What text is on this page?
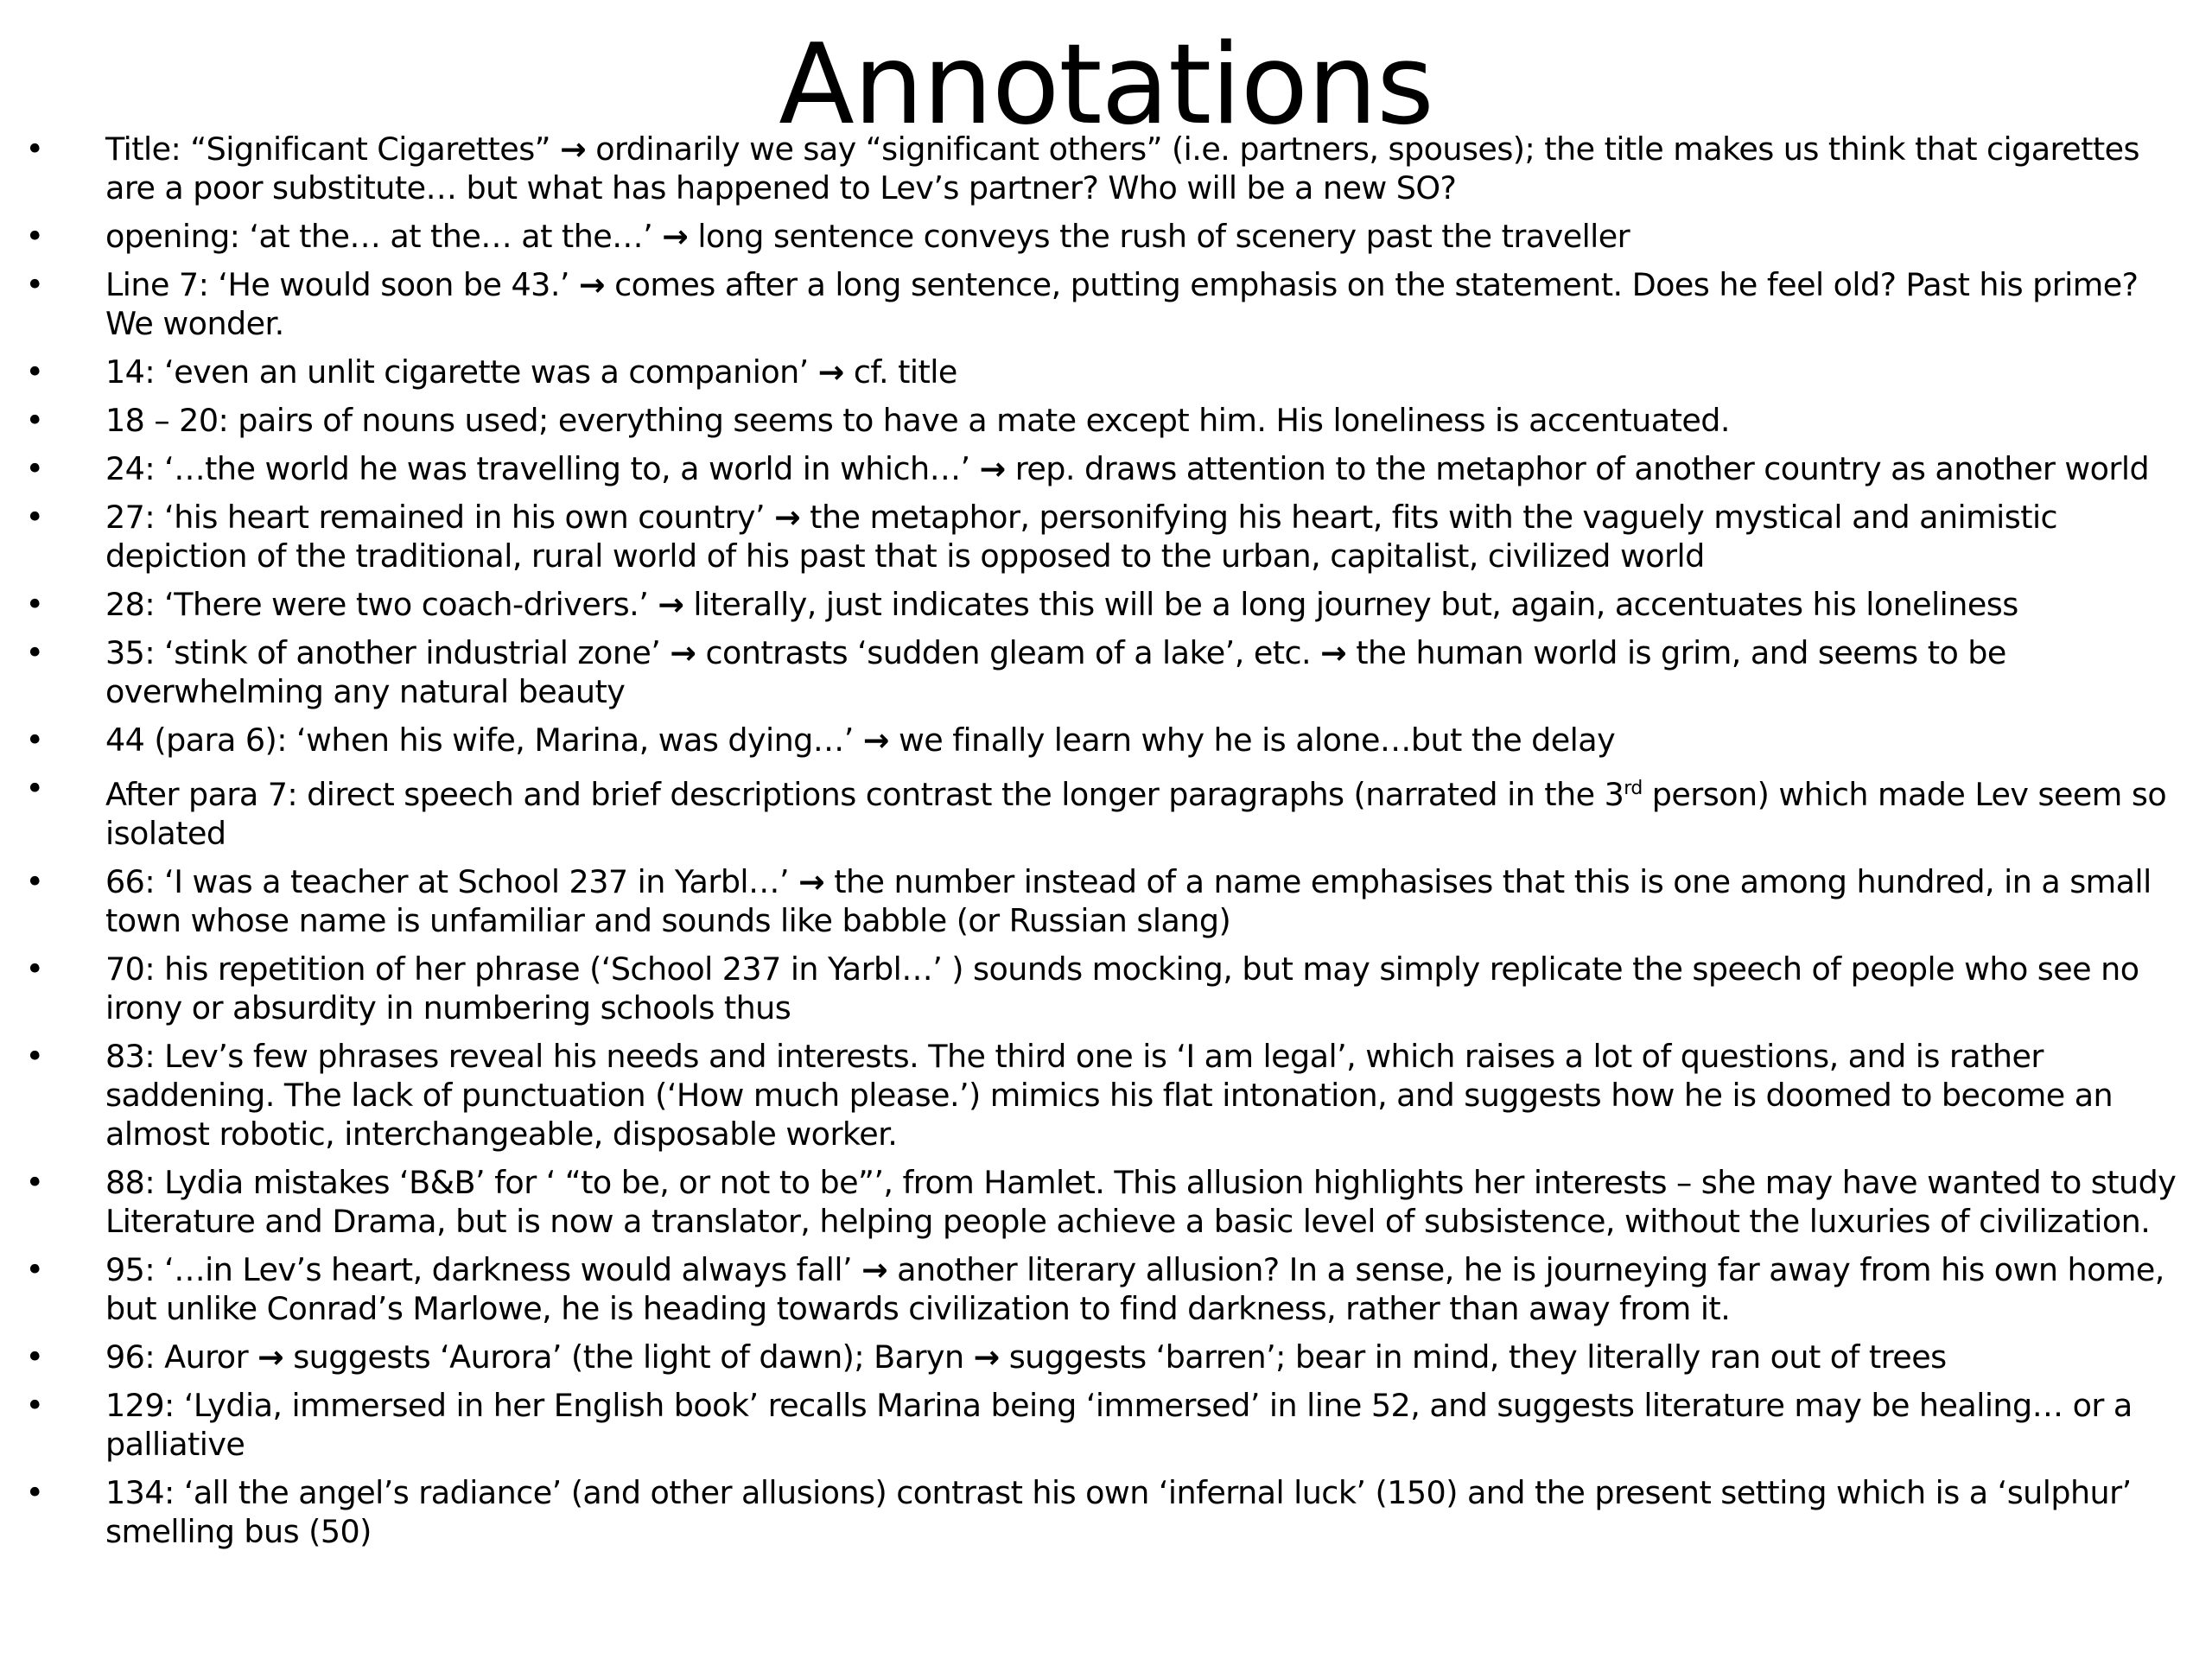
Annotations
• Title: “Significant Cigarettes” → ordinarily we say “significant others” (i.e. partners, spouses); the title makes us think that cigarettes are a poor substitute… but what has happened to Lev’s partner? Who will be a new SO?
• opening: ‘at the… at the… at the…’ → long sentence conveys the rush of scenery past the traveller
• Line 7: ‘He would soon be 43.’ → comes after a long sentence, putting emphasis on the statement. Does he feel old? Past his prime? We wonder.
• 14: ‘even an unlit cigarette was a companion’ → cf. title
• 18 – 20: pairs of nouns used; everything seems to have a mate except him. His loneliness is accentuated.
• 24: ‘…the world he was travelling to, a world in which…’ → rep. draws attention to the metaphor of another country as another world
• 27: ‘his heart remained in his own country’ → the metaphor, personifying his heart, fits with the vaguely mystical and animistic depiction of the traditional, rural world of his past that is opposed to the urban, capitalist, civilized world
• 28: ‘There were two coach-drivers.’ → literally, just indicates this will be a long journey but, again, accentuates his loneliness
• 35: ‘stink of another industrial zone’ → contrasts ‘sudden gleam of a lake’, etc. → the human world is grim, and seems to be overwhelming any natural beauty
• 44 (para 6): ‘when his wife, Marina, was dying…’ → we finally learn why he is alone…but the delay
• After para 7: direct speech and brief descriptions contrast the longer paragraphs (narrated in the 3rd person) which made Lev seem so isolated
• 66: ‘I was a teacher at School 237 in Yarbl…’ → the number instead of a name emphasises that this is one among hundred, in a small town whose name is unfamiliar and sounds like babble (or Russian slang)
• 70: his repetition of her phrase (‘School 237 in Yarbl…’ ) sounds mocking, but may simply replicate the speech of people who see no irony or absurdity in numbering schools thus
• 83: Lev’s few phrases reveal his needs and interests. The third one is ‘I am legal’, which raises a lot of questions, and is rather saddening. The lack of punctuation (‘How much please.’) mimics his flat intonation, and suggests how he is doomed to become an almost robotic, interchangeable, disposable worker.
• 88: Lydia mistakes ‘B&B’ for ‘ “to be, or not to be”’, from Hamlet. This allusion highlights her interests – she may have wanted to study Literature and Drama, but is now a translator, helping people achieve a basic level of subsistence, without the luxuries of civilization.
• 95: ‘…in Lev’s heart, darkness would always fall’ → another literary allusion? In a sense, he is journeying far away from his own home, but unlike Conrad’s Marlowe, he is heading towards civilization to find darkness, rather than away from it.
• 96: Auror → suggests ‘Aurora’ (the light of dawn); Baryn → suggests ‘barren’; bear in mind, they literally ran out of trees
• 129: ‘Lydia, immersed in her English book’ recalls Marina being ‘immersed’ in line 52, and suggests literature may be healing… or a palliative
• 134: ‘all the angel’s radiance’ (and other allusions) contrast his own ‘infernal luck’ (150) and the present setting which is a ‘sulphur’ smelling bus (50)
